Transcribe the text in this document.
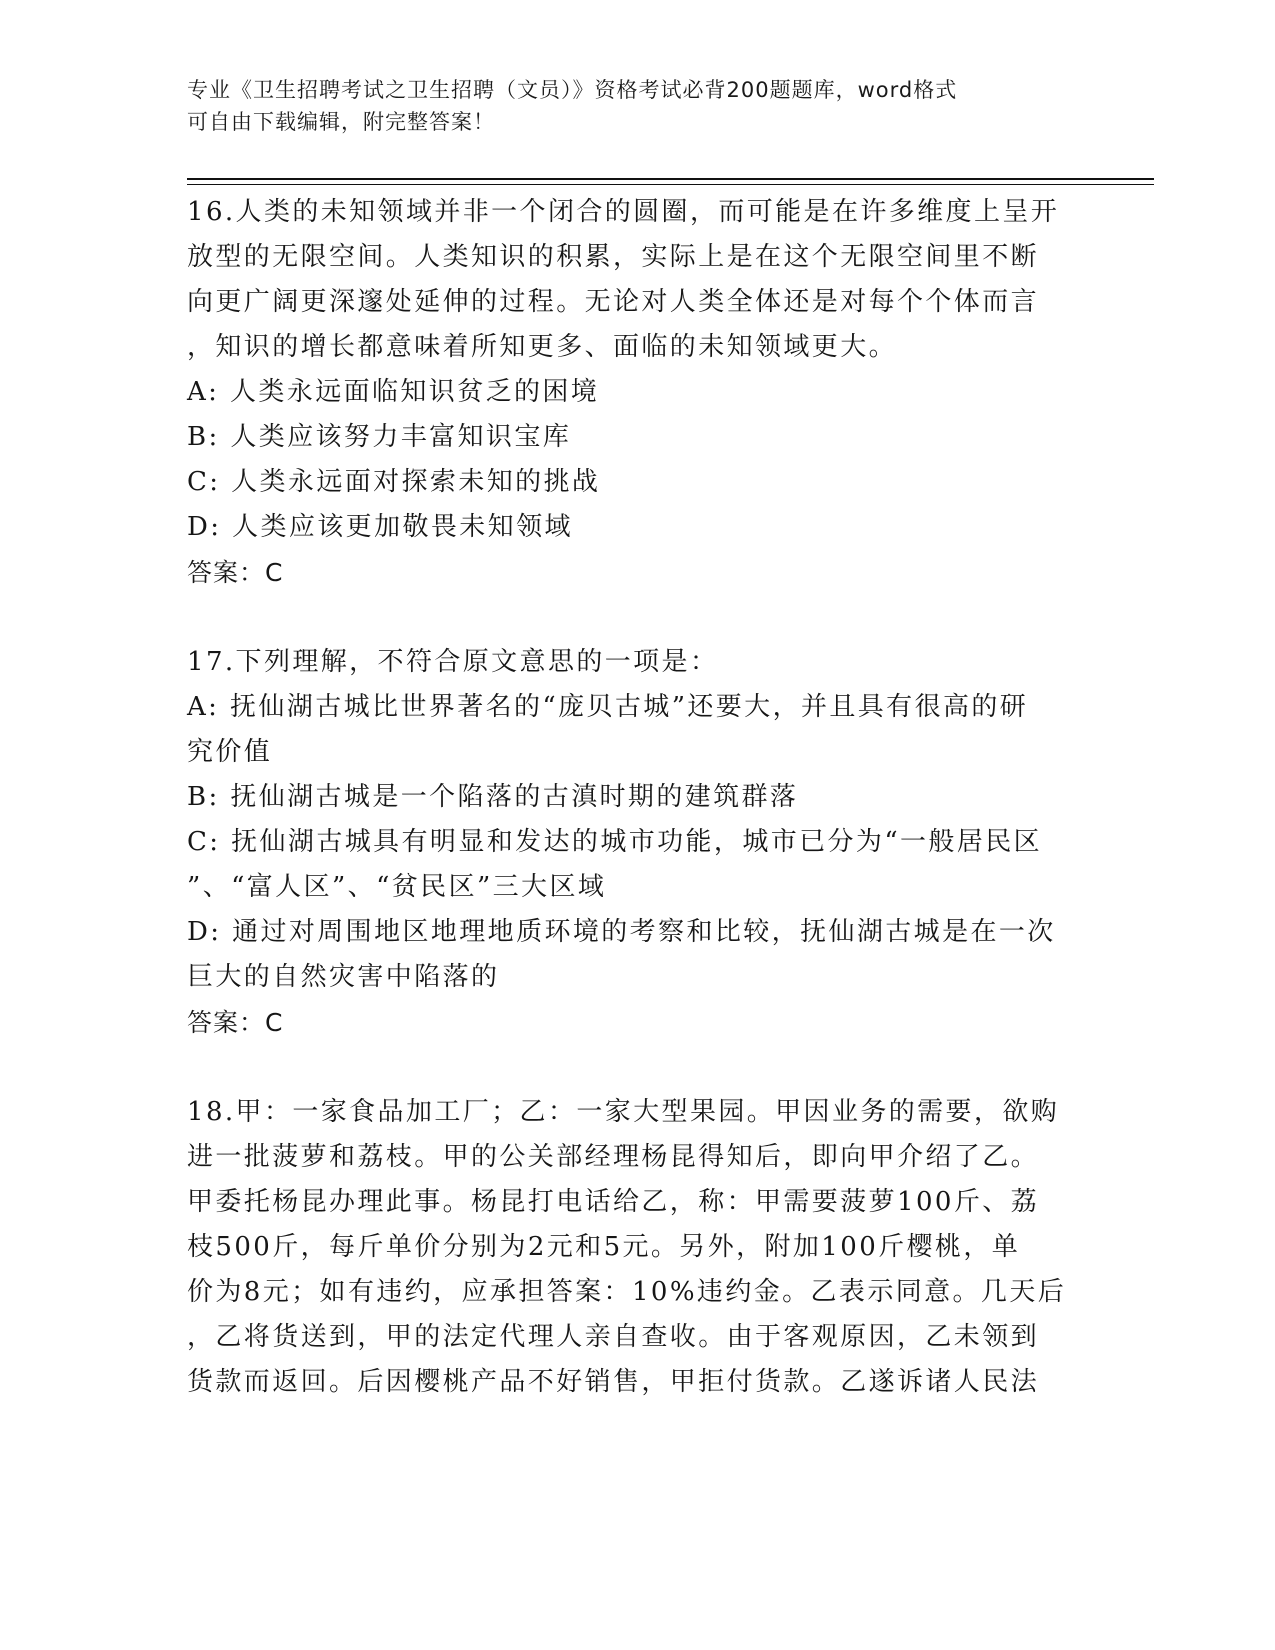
专业《卫生招聘考试之卫生招聘（文员）》资格考试必背200题题库，word格式
可自由下载编辑，附完整答案！

16.人类的未知领域并非一个闭合的圆圈，而可能是在许多维度上呈开

放型的无限空间。人类知识的积累，实际上是在这个无限空间里不断

向更广阔更深邃处延伸的过程。无论对人类全体还是对每个个体而言

，知识的增长都意味着所知更多、面临的未知领域更大。

A: 人类永远面临知识贫乏的困境

B: 人类应该努力丰富知识宝库

C: 人类永远面对探索未知的挑战

D: 人类应该更加敬畏未知领域

答案：C

17.下列理解，不符合原文意思的一项是：

A: 抚仙湖古城比世界著名的“庞贝古城”还要大，并且具有很高的研

究价值

B: 抚仙湖古城是一个陷落的古滇时期的建筑群落

C: 抚仙湖古城具有明显和发达的城市功能，城市已分为“一般居民区

”、“富人区”、“贫民区”三大区域

D: 通过对周围地区地理地质环境的考察和比较，抚仙湖古城是在一次

巨大的自然灾害中陷落的

答案：C

18.甲：一家食品加工厂；乙：一家大型果园。甲因业务的需要，欲购

进一批菠萝和荔枝。甲的公关部经理杨昆得知后，即向甲介绍了乙。

甲委托杨昆办理此事。杨昆打电话给乙，称：甲需要菠萝100斤、荔

枝500斤，每斤单价分别为2元和5元。另外，附加100斤樱桃，单

价为8元；如有违约，应承担答案：10%违约金。乙表示同意。几天后

，乙将货送到，甲的法定代理人亲自查收。由于客观原因，乙未领到

货款而返回。后因樱桃产品不好销售，甲拒付货款。乙遂诉诸人民法
